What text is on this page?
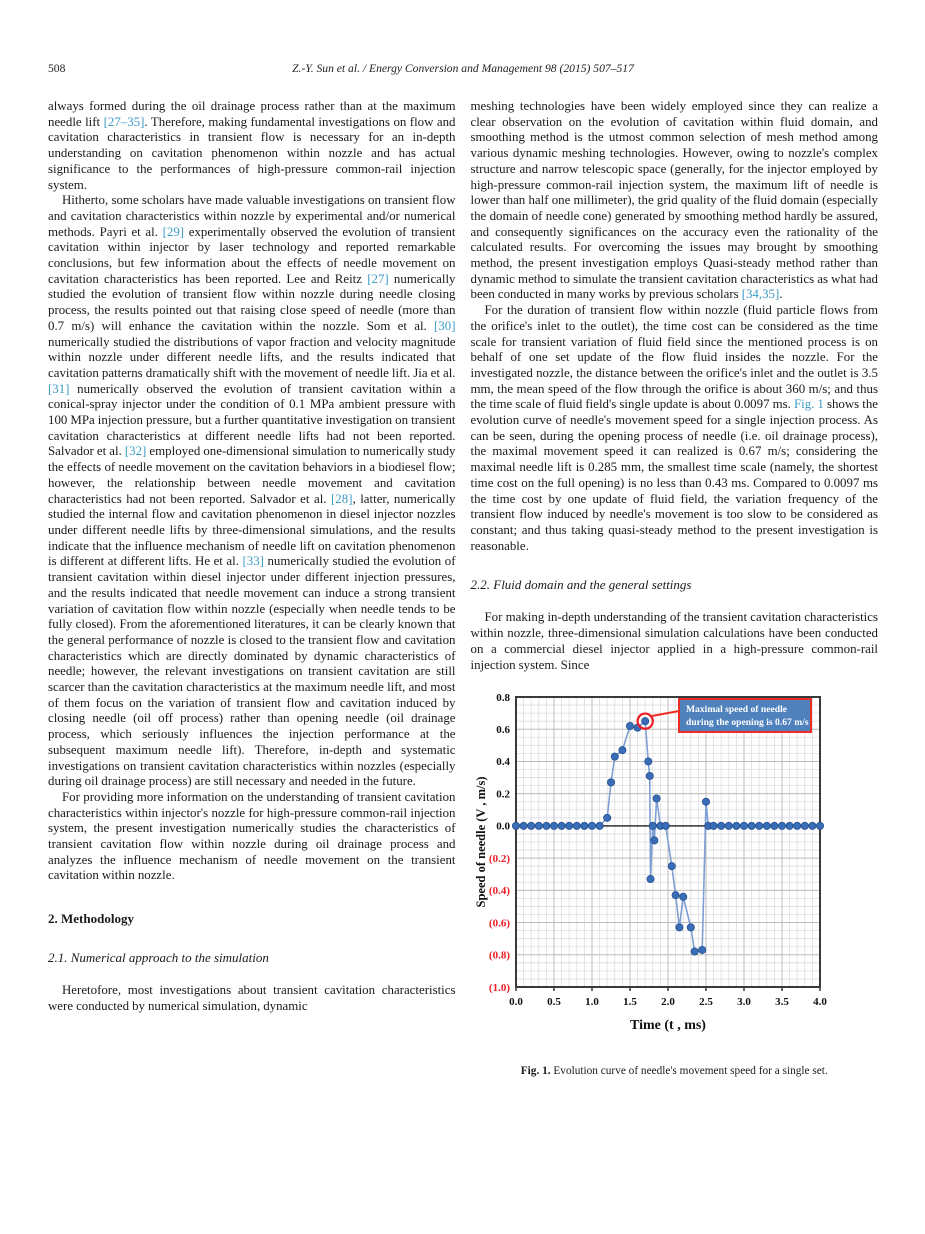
508	Z.-Y. Sun et al. / Energy Conversion and Management 98 (2015) 507–517

always formed during the oil drainage process rather than at the maximum needle lift [27–35]. Therefore, making fundamental investigations on flow and cavitation characteristics in transient flow is necessary for an in-depth understanding on cavitation phenomenon within nozzle and has actual significance to the performances of high-pressure common-rail injection system.

Hitherto, some scholars have made valuable investigations on transient flow and cavitation characteristics within nozzle by experimental and/or numerical methods. Payri et al. [29] experimentally observed the evolution of transient cavitation within injector by laser technology and reported remarkable conclusions, but few information about the effects of needle movement on cavitation characteristics has been reported. Lee and Reitz [27] numerically studied the evolution of transient flow within nozzle during needle closing process, the results pointed out that raising close speed of needle (more than 0.7 m/s) will enhance the cavitation within the nozzle. Som et al. [30] numerically studied the distributions of vapor fraction and velocity magnitude within nozzle under different needle lifts, and the results indicated that cavitation patterns dramatically shift with the movement of needle lift. Jia et al. [31] numerically observed the evolution of transient cavitation within a conical-spray injector under the condition of 0.1 MPa ambient pressure with 100 MPa injection pressure, but a further quantitative investigation on transient cavitation characteristics at different needle lifts had not been reported. Salvador et al. [32] employed one-dimensional simulation to numerically study the effects of needle movement on the cavitation behaviors in a biodiesel flow; however, the relationship between needle movement and cavitation characteristics had not been reported. Salvador et al. [28], latter, numerically studied the internal flow and cavitation phenomenon in diesel injector nozzles under different needle lifts by three-dimensional simulations, and the results indicate that the influence mechanism of needle lift on cavitation phenomenon is different at different lifts. He et al. [33] numerically studied the evolution of transient cavitation within diesel injector under different injection pressures, and the results indicated that needle movement can induce a strong transient variation of cavitation flow within nozzle (especially when needle tends to be fully closed). From the aforementioned literatures, it can be clearly known that the general performance of nozzle is closed to the transient flow and cavitation characteristics which are directly dominated by dynamic characteristics of needle; however, the relevant investigations on transient cavitation are still scarcer than the cavitation characteristics at the maximum needle lift, and most of them focus on the variation of transient flow and cavitation induced by closing needle (oil off process) rather than opening needle (oil drainage process, which seriously influences the injection performance at the subsequent maximum needle lift). Therefore, in-depth and systematic investigations on transient cavitation characteristics within nozzles (especially during oil drainage process) are still necessary and needed in the future.

For providing more information on the understanding of transient cavitation characteristics within injector's nozzle for high-pressure common-rail injection system, the present investigation numerically studies the characteristics of transient cavitation flow within nozzle during oil drainage process and analyzes the influence mechanism of needle movement on the transient cavitation within nozzle.

2. Methodology
2.1. Numerical approach to the simulation

Heretofore, most investigations about transient cavitation characteristics were conducted by numerical simulation, dynamic

meshing technologies have been widely employed since they can realize a clear observation on the evolution of cavitation within fluid domain, and smoothing method is the utmost common selection of mesh method among various dynamic meshing technologies. However, owing to nozzle's complex structure and narrow telescopic space (generally, for the injector employed by high-pressure common-rail injection system, the maximum lift of needle is lower than half one millimeter), the grid quality of the fluid domain (especially the domain of needle cone) generated by smoothing method hardly be assured, and consequently significances on the accuracy even the rationality of the calculated results. For overcoming the issues may brought by smoothing method, the present investigation employs Quasi-steady method rather than dynamic method to simulate the transient cavitation characteristics as what had been conducted in many works by previous scholars [34,35].

For the duration of transient flow within nozzle (fluid particle flows from the orifice's inlet to the outlet), the time cost can be considered as the time scale for transient variation of fluid field since the mentioned process is on behalf of one set update of the flow fluid insides the nozzle. For the investigated nozzle, the distance between the orifice's inlet and the outlet is 3.5 mm, the mean speed of the flow through the orifice is about 360 m/s; and thus the time scale of fluid field's single update is about 0.0097 ms. Fig. 1 shows the evolution curve of needle's movement speed for a single injection process. As can be seen, during the opening process of needle (i.e. oil drainage process), the maximal movement speed it can realized is 0.67 m/s; considering the maximal needle lift is 0.285 mm, the smallest time scale (namely, the shortest time cost on the full opening) is no less than 0.43 ms. Compared to 0.0097 ms the time cost by one update of fluid field, the variation frequency of the transient flow induced by needle's movement is too slow to be considered as constant; and thus taking quasi-steady method to the present investigation is reasonable.

2.2. Fluid domain and the general settings

For making in-depth understanding of the transient cavitation characteristics within nozzle, three-dimensional simulation calculations have been conducted on a commercial diesel injector applied in a high-pressure common-rail injection system. Since

Maximal speed of needle
during the opening is 0.67 m/s
0.0 0.5 1.0 1.5 2.0 2.5 3.0 3.5 4.0
0.8
0.6
0.4
0.2
0.0
(0.2)
(0.4)
(0.6)
(0.8)
(1.0)
Time (t , ms)
Speed of needle (V , m/s)
Fig. 1. Evolution curve of needle's movement speed for a single set.
